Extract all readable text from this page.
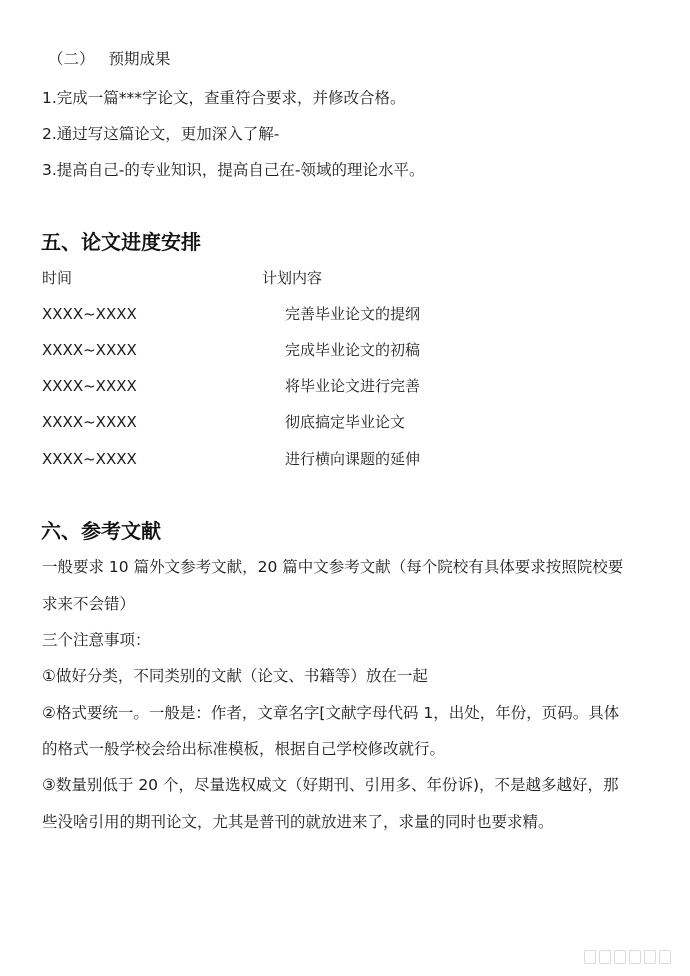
（二） 预期成果
1.完成一篇***字论文，查重符合要求，并修改合格。
2.通过写这篇论文，更加深入了解-
3.提高自己-的专业知识，提高自己在-领域的理论水平。
五、论文进度安排
时间	计划内容
XXXX~XXXX	完善毕业论文的提纲
XXXX~XXXX	完成毕业论文的初稿
XXXX~XXXX	将毕业论文进行完善
XXXX~XXXX	彻底搞定毕业论文
XXXX~XXXX	进行横向课题的延伸
六、参考文献
一般要求 10 篇外文参考文献，20 篇中文参考文献（每个院校有具体要求按照院校要
求来不会错）
三个注意事项：
①做好分类，不同类别的文献（论文、书籍等）放在一起
②格式要统一。一般是：作者，文章名字[文献字母代码 1，出处，年份，页码。具体
的格式一般学校会给出标准模板，根据自己学校修改就行。
③数量别低于 20 个，尽量选权威文（好期刊、引用多、年份诉)，不是越多越好，那
些没啥引用的期刊论文，尤其是普刊的就放进来了，求量的同时也要求精。
